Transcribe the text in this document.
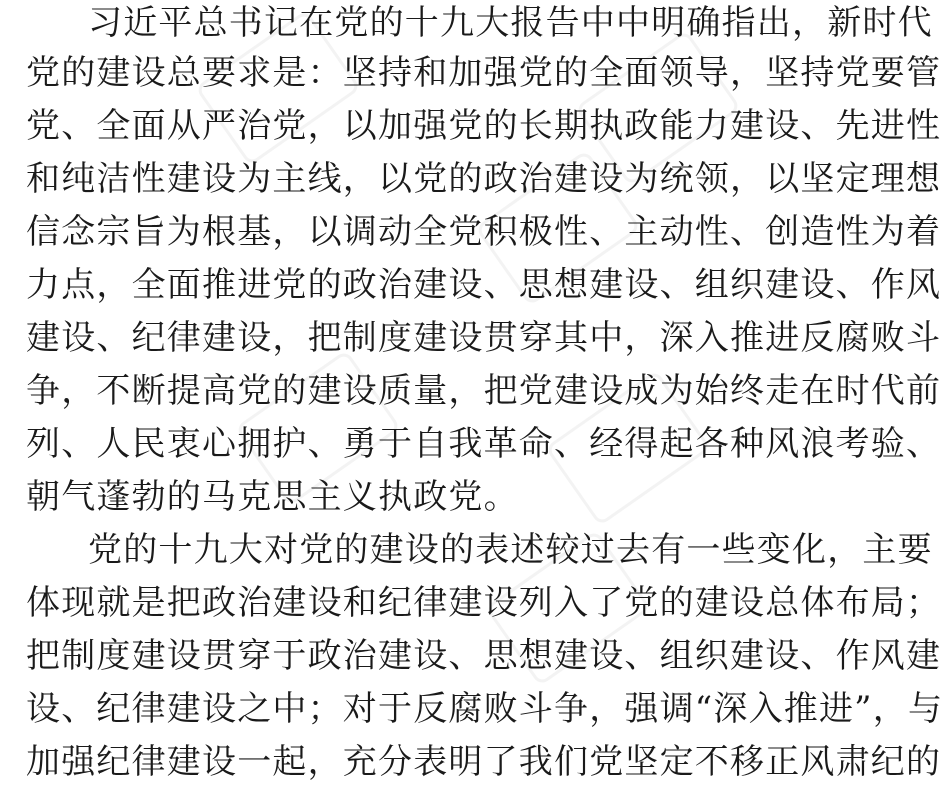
习近平总书记在党的十九大报告中中明确指出，新时代
党的建设总要求是：坚持和加强党的全面领导，坚持党要管
党、全面从严治党，以加强党的长期执政能力建设、先进性
和纯洁性建设为主线，以党的政治建设为统领，以坚定理想
信念宗旨为根基，以调动全党积极性、主动性、创造性为着
力点，全面推进党的政治建设、思想建设、组织建设、作风
建设、纪律建设，把制度建设贯穿其中，深入推进反腐败斗
争，不断提高党的建设质量，把党建设成为始终走在时代前
列、人民衷心拥护、勇于自我革命、经得起各种风浪考验、
朝气蓬勃的马克思主义执政党。
党的十九大对党的建设的表述较过去有一些变化，主要
体现就是把政治建设和纪律建设列入了党的建设总体布局；
把制度建设贯穿于政治建设、思想建设、组织建设、作风建
设、纪律建设之中；对于反腐败斗争，强调“深入推进”，与
加强纪律建设一起，充分表明了我们党坚定不移正风肃纪的
